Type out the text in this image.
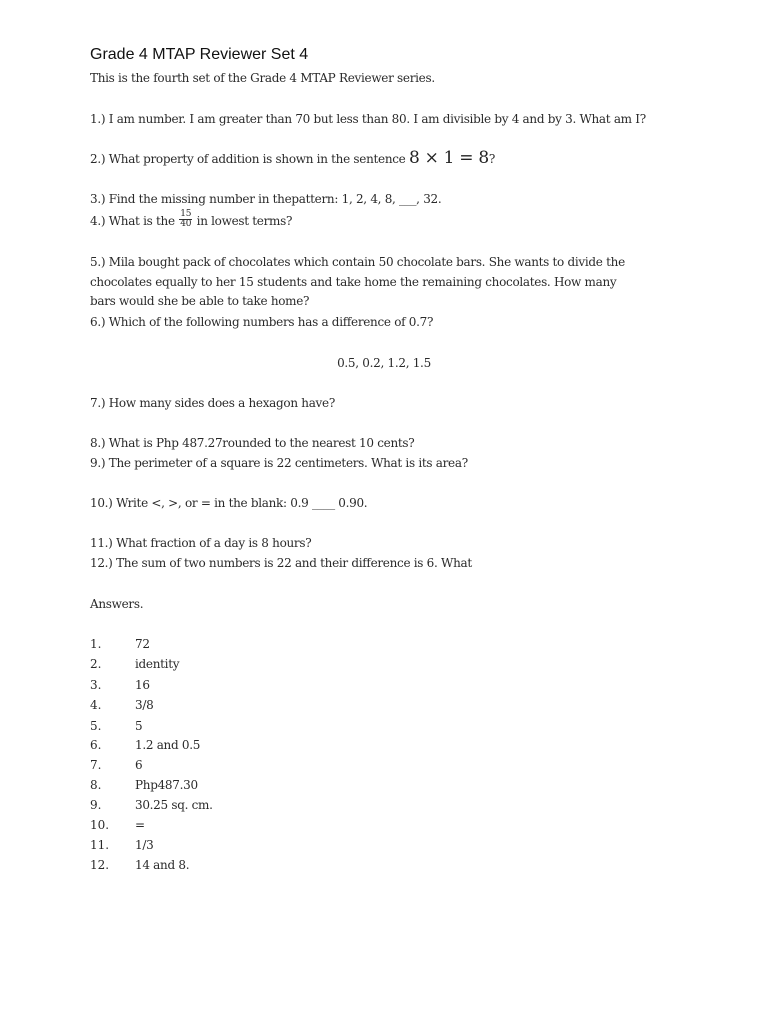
Grade 4 MTAP Reviewer Set 4
This is the fourth set of the Grade 4 MTAP Reviewer series.
1.) I am number. I am greater than 70 but less than 80. I am divisible by 4 and by 3. What am I?
2.) What property of addition is shown in the sentence 8 × 1 = 8?
3.) Find the missing number in thepattern: 1, 2, 4, 8, ___, 32.
4.) What is the $\frac{15}{40}$ in lowest terms?
5.) Mila bought pack of chocolates which contain 50 chocolate bars. She wants to divide the
chocolates equally to her 15 students and take home the remaining chocolates. How many
bars would she be able to take home?
6.) Which of the following numbers has a difference of 0.7?
0.5, 0.2, 1.2, 1.5
7.) How many sides does a hexagon have?
8.) What is Php 487.27rounded to the nearest 10 cents?
9.) The perimeter of a square is 22 centimeters. What is its area?
10.) Write <, >, or = in the blank: 0.9 ____ 0.90.
11.) What fraction of a day is 8 hours?
12.) The sum of two numbers is 22 and their difference is 6. What
Answers.
1.	72
2.	identity
3.	16
4.	3/8
5.	5
6.	1.2 and 0.5
7.	6
8.	Php487.30
9.	30.25 sq. cm.
10. =
11. 1/3
12. 14 and 8.
